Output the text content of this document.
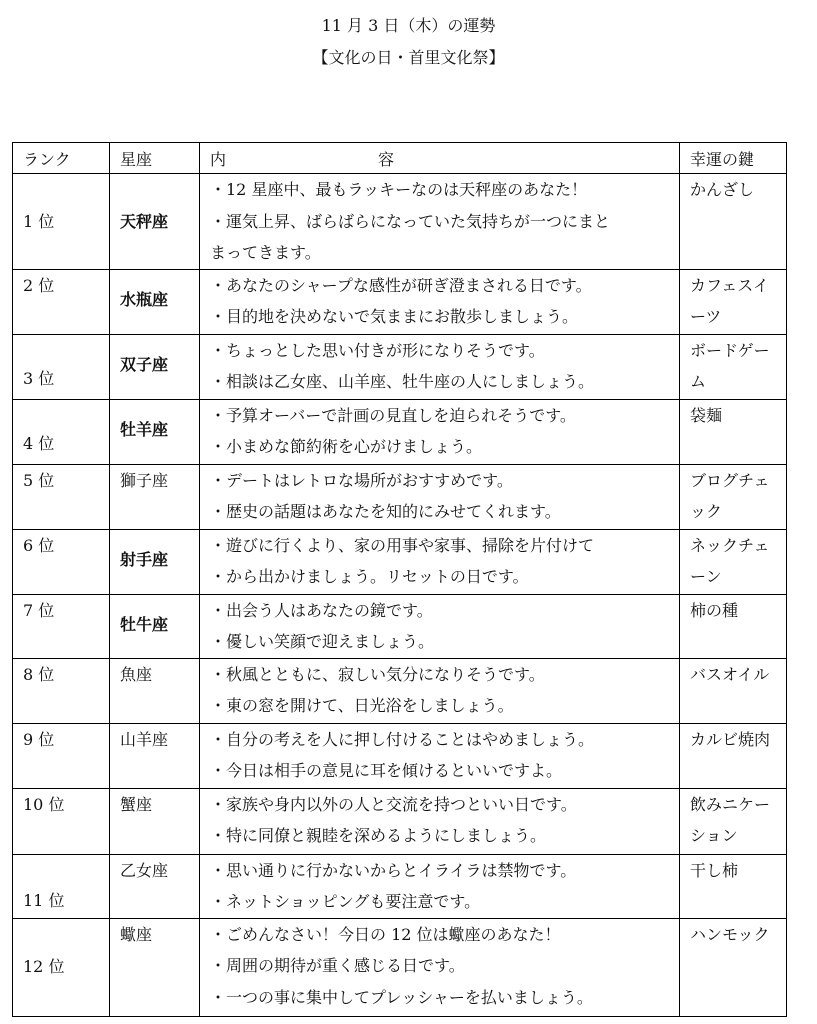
11 月 3 日（木）の運勢
【文化の日・首里文化祭】
ランク	星座	内　　容	幸運の鍵
1 位	天秤座	・12 星座中、最もラッキーなのは天秤座のあなた！
・運気上昇、ばらばらになっていた気持ちが一つにまと
まってきます。	かんざし
2 位	水瓶座	・あなたのシャープな感性が研ぎ澄まされる日です。
・目的地を決めないで気ままにお散歩しましょう。	カフェスイーツ
3 位	双子座	・ちょっとした思い付きが形になりそうです。
・相談は乙女座、山羊座、牡牛座の人にしましょう。	ボードゲーム
4 位	牡羊座	・予算オーバーで計画の見直しを迫られそうです。
・小まめな節約術を心がけましょう。	袋麺
5 位	獅子座	・デートはレトロな場所がおすすめです。
・歴史の話題はあなたを知的にみせてくれます。	ブログチェック
6 位	射手座	・遊びに行くより、家の用事や家事、掃除を片付けて
・から出かけましょう。リセットの日です。	ネックチェーン
7 位	牡牛座	・出会う人はあなたの鏡です。
・優しい笑顔で迎えましょう。	柿の種
8 位	魚座	・秋風とともに、寂しい気分になりそうです。
・東の窓を開けて、日光浴をしましょう。	バスオイル
9 位	山羊座	・自分の考えを人に押し付けることはやめましょう。
・今日は相手の意見に耳を傾けるといいですよ。	カルビ焼肉
10 位	蟹座	・家族や身内以外の人と交流を持つといい日です。
・特に同僚と親睦を深めるようにしましょう。	飲みニケーション
11 位	乙女座	・思い通りに行かないからとイライラは禁物です。
・ネットショッピングも要注意です。	干し柿
12 位	蠍座	・ごめんなさい！今日の 12 位は蠍座のあなた！
・周囲の期待が重く感じる日です。
・一つの事に集中してプレッシャーを払いましょう。	ハンモック
